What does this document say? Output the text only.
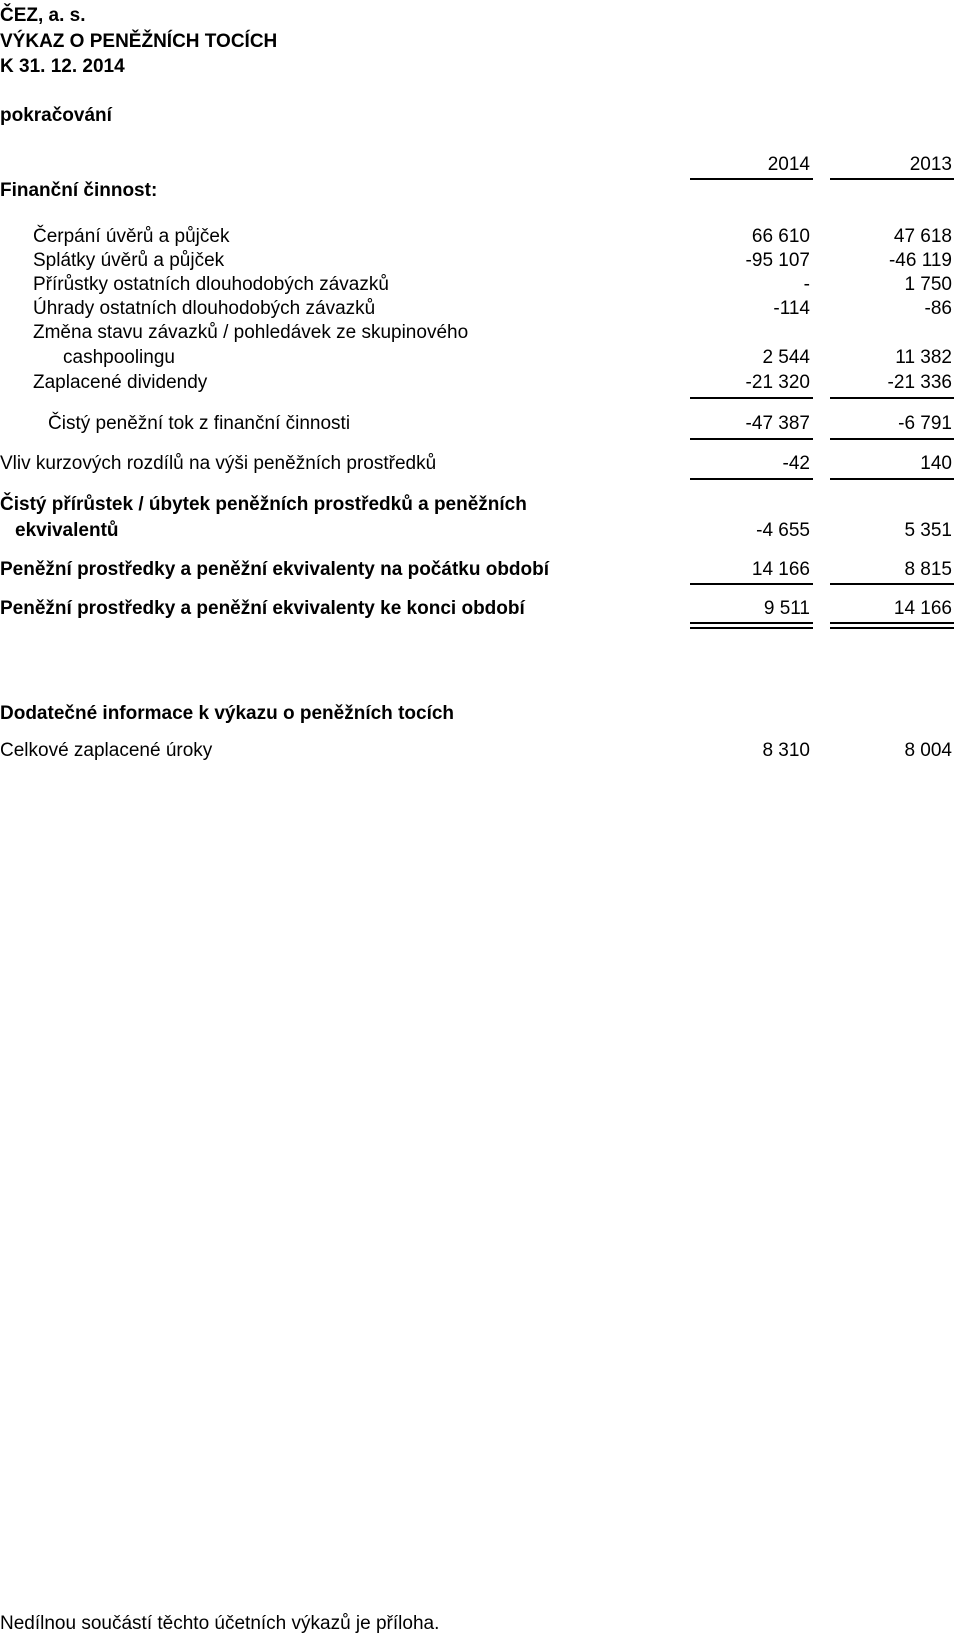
ČEZ, a. s.
VÝKAZ O PENĚŽNÍCH TOCÍCH
K 31. 12. 2014
pokračování
2014	2013
Finanční činnost:
Čerpání úvěrů a půjček	66 610	47 618
Splátky úvěrů a půjček	-95 107	-46 119
Přírůstky ostatních dlouhodobých závazků	-	1 750
Úhrady ostatních dlouhodobých závazků	-114	-86
Změna stavu závazků / pohledávek ze skupinového
cashpoolingu	2 544	11 382
Zaplacené dividendy	-21 320	-21 336
Čistý peněžní tok z finanční činnosti	-47 387	-6 791
Vliv kurzových rozdílů na výši peněžních prostředků	-42	140
Čistý přírůstek / úbytek peněžních prostředků a peněžních
ekvivalentů	-4 655	5 351
Peněžní prostředky a peněžní ekvivalenty na počátku období	14 166	8 815
Peněžní prostředky a peněžní ekvivalenty ke konci období	9 511	14 166
Dodatečné informace k výkazu o peněžních tocích
Celkové zaplacené úroky	8 310	8 004
Nedílnou součástí těchto účetních výkazů je příloha.
